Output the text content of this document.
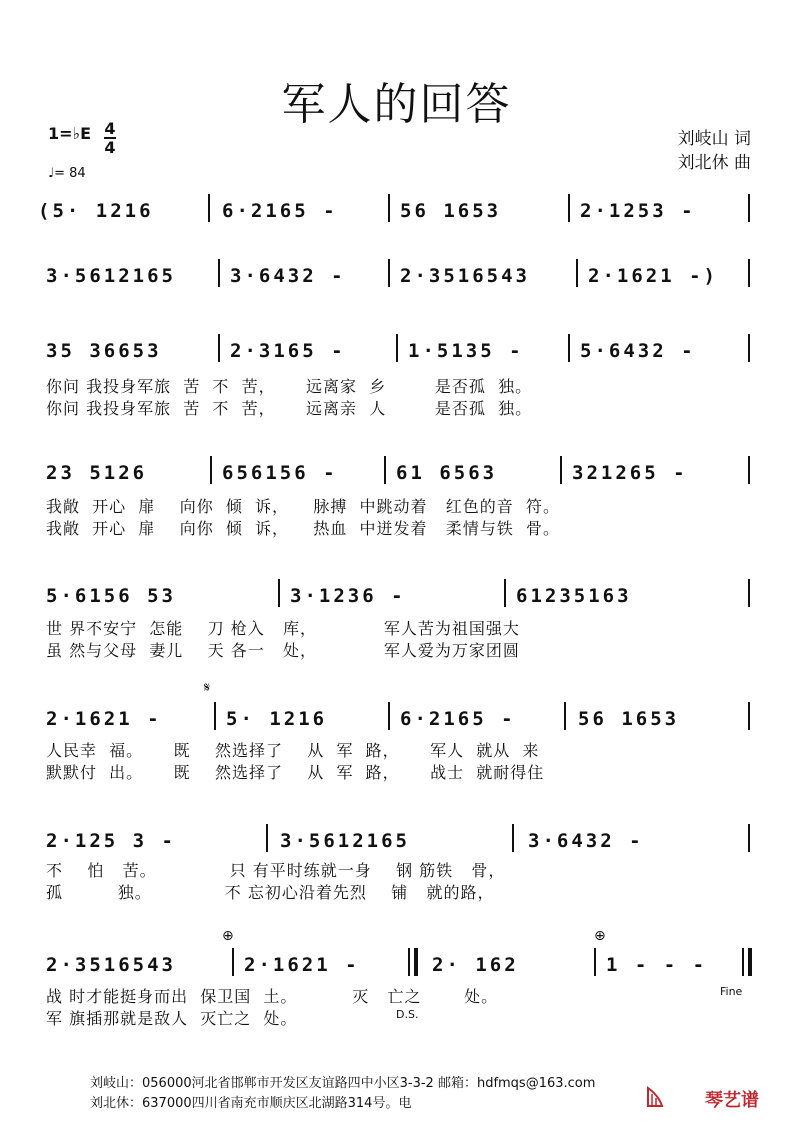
军人的回答
1=♭E 4
4
♩= 84
刘岐山 词
刘北休 曲
(5· 1216	6·2165 -	56 1653	2·1253 -
3·5612165	3·6432 -	2·3516543	2·1621 -)
35 36653	2·3165 -	1·5135 -	5·6432 -
你问 我投身军旅  苦  不  苦，     远离家  乡        是否孤  独。
你问 我投身军旅  苦  不  苦，     远离亲  人        是否孤  独。
23 5126	656156 -	61 6563	321265 -
我敞  开心  扉    向你  倾  诉，    脉搏  中跳动着   红色的音  符。
我敞  开心  扉    向你  倾  诉，    热血  中迸发着   柔情与铁  骨。
5·6156 53	3·1236 -	61235163
世 界不安宁  怎能    刀 枪入   库，           军人苦为祖国强大
虽 然与父母  妻儿    天 各一   处，           军人爱为万家团圆
𝄋
2·1621 -	5· 1216	6·2165 -	56 1653
人民幸  福。     既    然选择了    从  军  路，     军人  就从  来
默默付  出。     既    然选择了    从  军  路，     战士  就耐得住
2·125 3 -	3·5612165	3·6432 -
不    怕   苦。            只 有平时练就一身    钢 筋铁   骨，
孤         独。            不 忘初心沿着先烈    铺   就的路，
⊕	⊕
2·3516543	2·1621 -	2· 162	1 - - -
战 时才能挺身而出  保卫国  土。         灭   亡之       处。
军 旗插那就是敌人  灭亡之  处。
Fine
D.S.
刘岐山：056000河北省邯郸市开发区友谊路四中小区3-3-2 邮箱：hdfmqs@163.com
刘北休：637000四川省南充市顺庆区北湖路314号。电	琴艺谱
